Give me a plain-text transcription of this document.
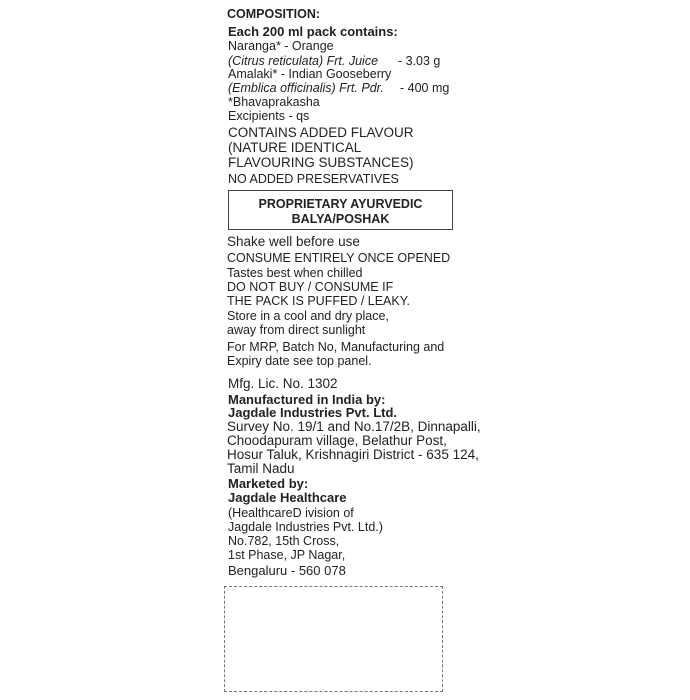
COMPOSITION:
Each 200 ml pack contains:
Naranga* - Orange
(Citrus reticulata) Frt. Juice - 3.03 g
Amalaki* - Indian Gooseberry
(Emblica officinalis) Frt. Pdr. - 400 mg
*Bhavaprakasha
Excipients - qs
CONTAINS ADDED FLAVOUR
(NATURE IDENTICAL
FLAVOURING SUBSTANCES)
NO ADDED PRESERVATIVES
Shake well before use
CONSUME ENTIRELY ONCE OPENED
Tastes best when chilled
DO NOT BUY / CONSUME IF
THE PACK IS PUFFED / LEAKY.
Store in a cool and dry place,
away from direct sunlight
For MRP, Batch No, Manufacturing and
Expiry date see top panel.
Mfg. Lic. No. 1302
Manufactured in India by:
Jagdale Industries Pvt. Ltd.
Survey No. 19/1 and No.17/2B, Dinnapalli,
Choodapuram village, Belathur Post,
Hosur Taluk, Krishnagiri District - 635 124,
Tamil Nadu
Marketed by:
Jagdale Healthcare
(HealthcareD ivision of
Jagdale Industries Pvt. Ltd.)
No.782, 15th Cross,
1st Phase, JP Nagar,
Bengaluru - 560 078
PROPRIETARY AYURVEDIC
BALYA/POSHAK
